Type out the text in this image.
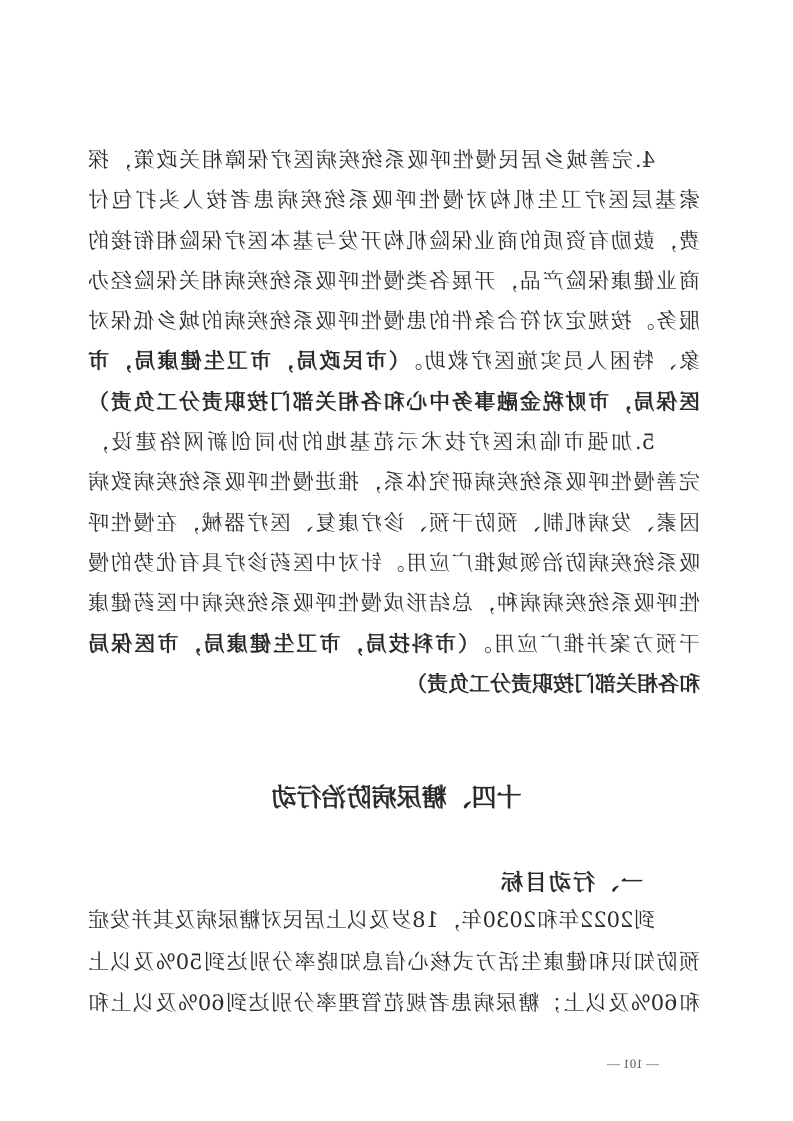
4.完善城乡居民慢性呼吸系统疾病医疗保障相关政策，探
索基层医疗卫生机构对慢性呼吸系统疾病患者按人头打包付
费，鼓励有资质的商业保险机构开发与基本医疗保险相衔接的
商业健康保险产品，开展各类慢性呼吸系统疾病相关保险经办
服务。按规定对符合条件的患慢性呼吸系统疾病的城乡低保对
象、特困人员实施医疗救助。（市民政局，市卫生健康局，市
医保局，市财税金融事务中心和各相关部门按职责分工负责）
5.加强市临床医疗技术示范基地的协同创新网络建设，
完善慢性呼吸系统疾病研究体系，推进慢性呼吸系统疾病致病
因素、发病机制、预防干预、诊疗康复、医疗器械，在慢性呼
吸系统疾病防治领域推广应用。针对中医药诊疗具有优势的慢
性呼吸系统疾病病种，总结形成慢性呼吸系统疾病中医药健康
干预方案并推广应用。（市科技局，市卫生健康局，市医保局
和各相关部门按职责分工负责）
十四、糖尿病防治行动
一、行动目标
到2022年和2030年，18岁及以上居民对糖尿病及其并发症
预防知识和健康生活方式核心信息知晓率分别达到50%及以上
和60%及以上；糖尿病患者规范管理率分别达到60%及以上和
— 101 —
